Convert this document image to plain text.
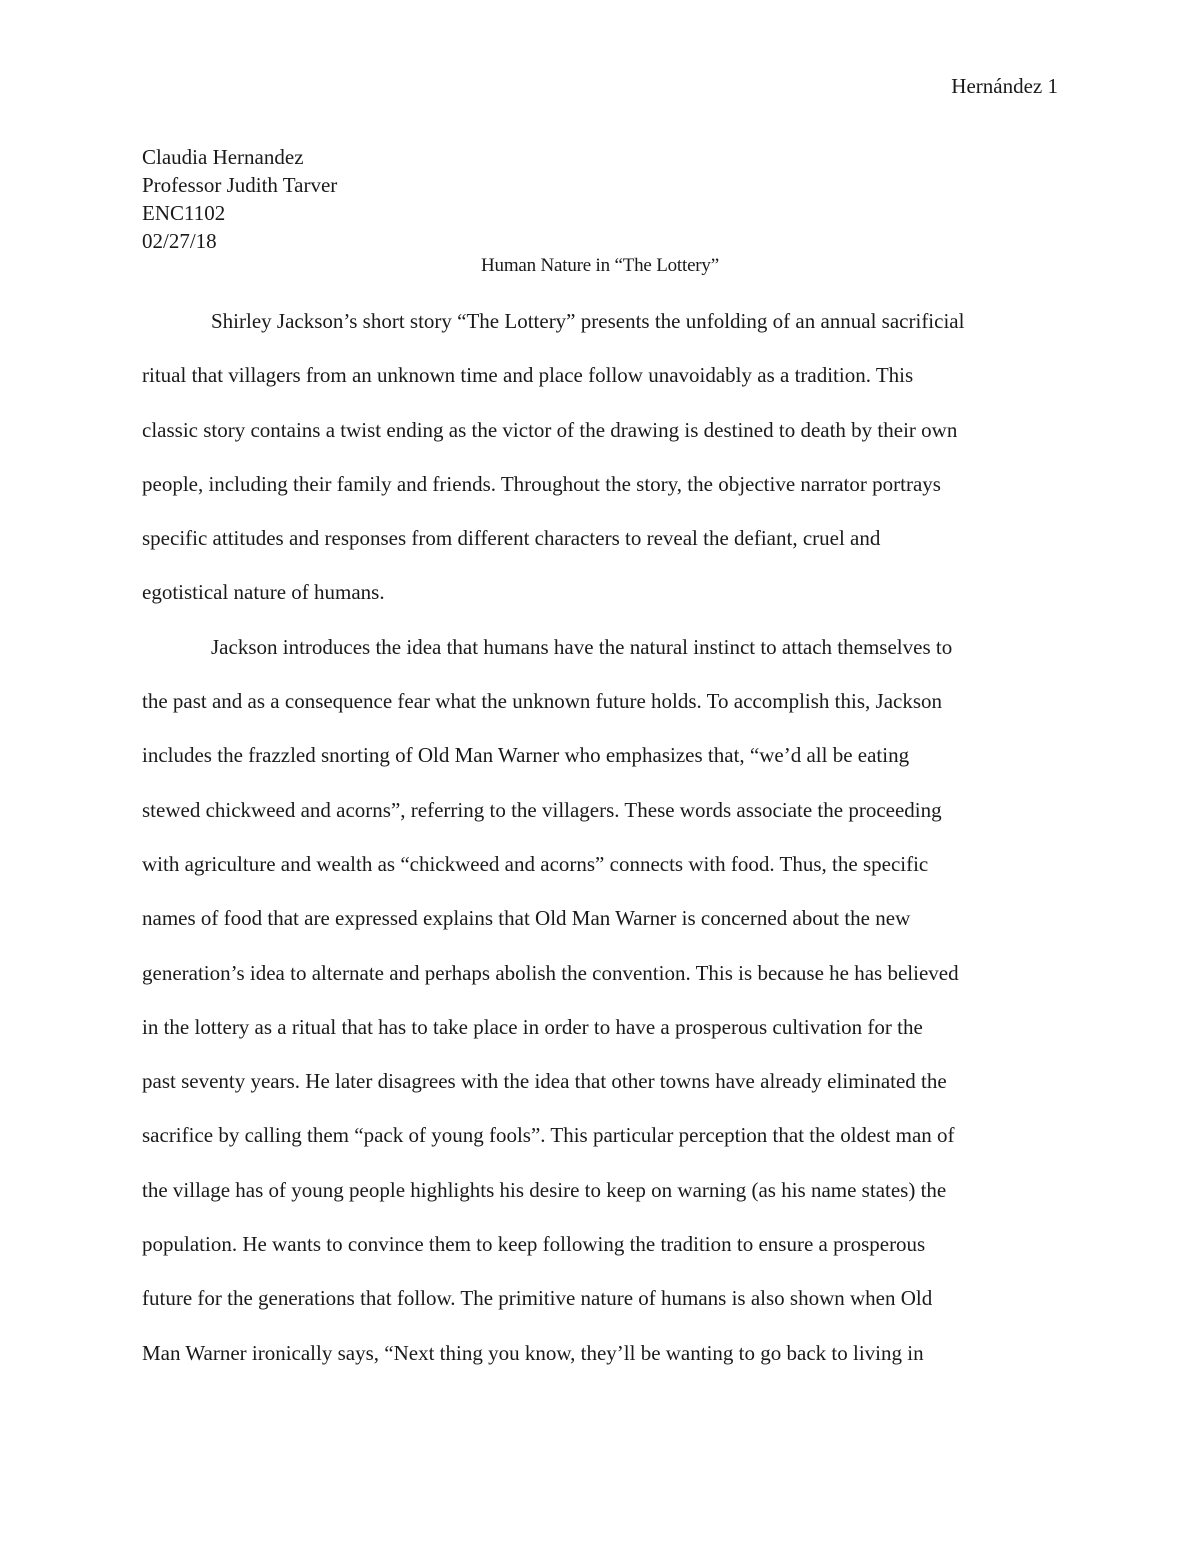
Hernández 1
Claudia Hernandez
Professor Judith Tarver
ENC1102
02/27/18
Human Nature in “The Lottery”
Shirley Jackson’s short story “The Lottery” presents the unfolding of an annual sacrificial
ritual that villagers from an unknown time and place follow unavoidably as a tradition. This
classic story contains a twist ending as the victor of the drawing is destined to death by their own
people, including their family and friends. Throughout the story, the objective narrator portrays
specific attitudes and responses from different characters to reveal the defiant, cruel and
egotistical nature of humans.
Jackson introduces the idea that humans have the natural instinct to attach themselves to
the past and as a consequence fear what the unknown future holds. To accomplish this, Jackson
includes the frazzled snorting of Old Man Warner who emphasizes that, “we’d all be eating
stewed chickweed and acorns”, referring to the villagers. These words associate the proceeding
with agriculture and wealth as “chickweed and acorns” connects with food. Thus, the specific
names of food that are expressed explains that Old Man Warner is concerned about the new
generation’s idea to alternate and perhaps abolish the convention. This is because he has believed
in the lottery as a ritual that has to take place in order to have a prosperous cultivation for the
past seventy years. He later disagrees with the idea that other towns have already eliminated the
sacrifice by calling them “pack of young fools”. This particular perception that the oldest man of
the village has of young people highlights his desire to keep on warning (as his name states) the
population. He wants to convince them to keep following the tradition to ensure a prosperous
future for the generations that follow. The primitive nature of humans is also shown when Old
Man Warner ironically says, “Next thing you know, they’ll be wanting to go back to living in
